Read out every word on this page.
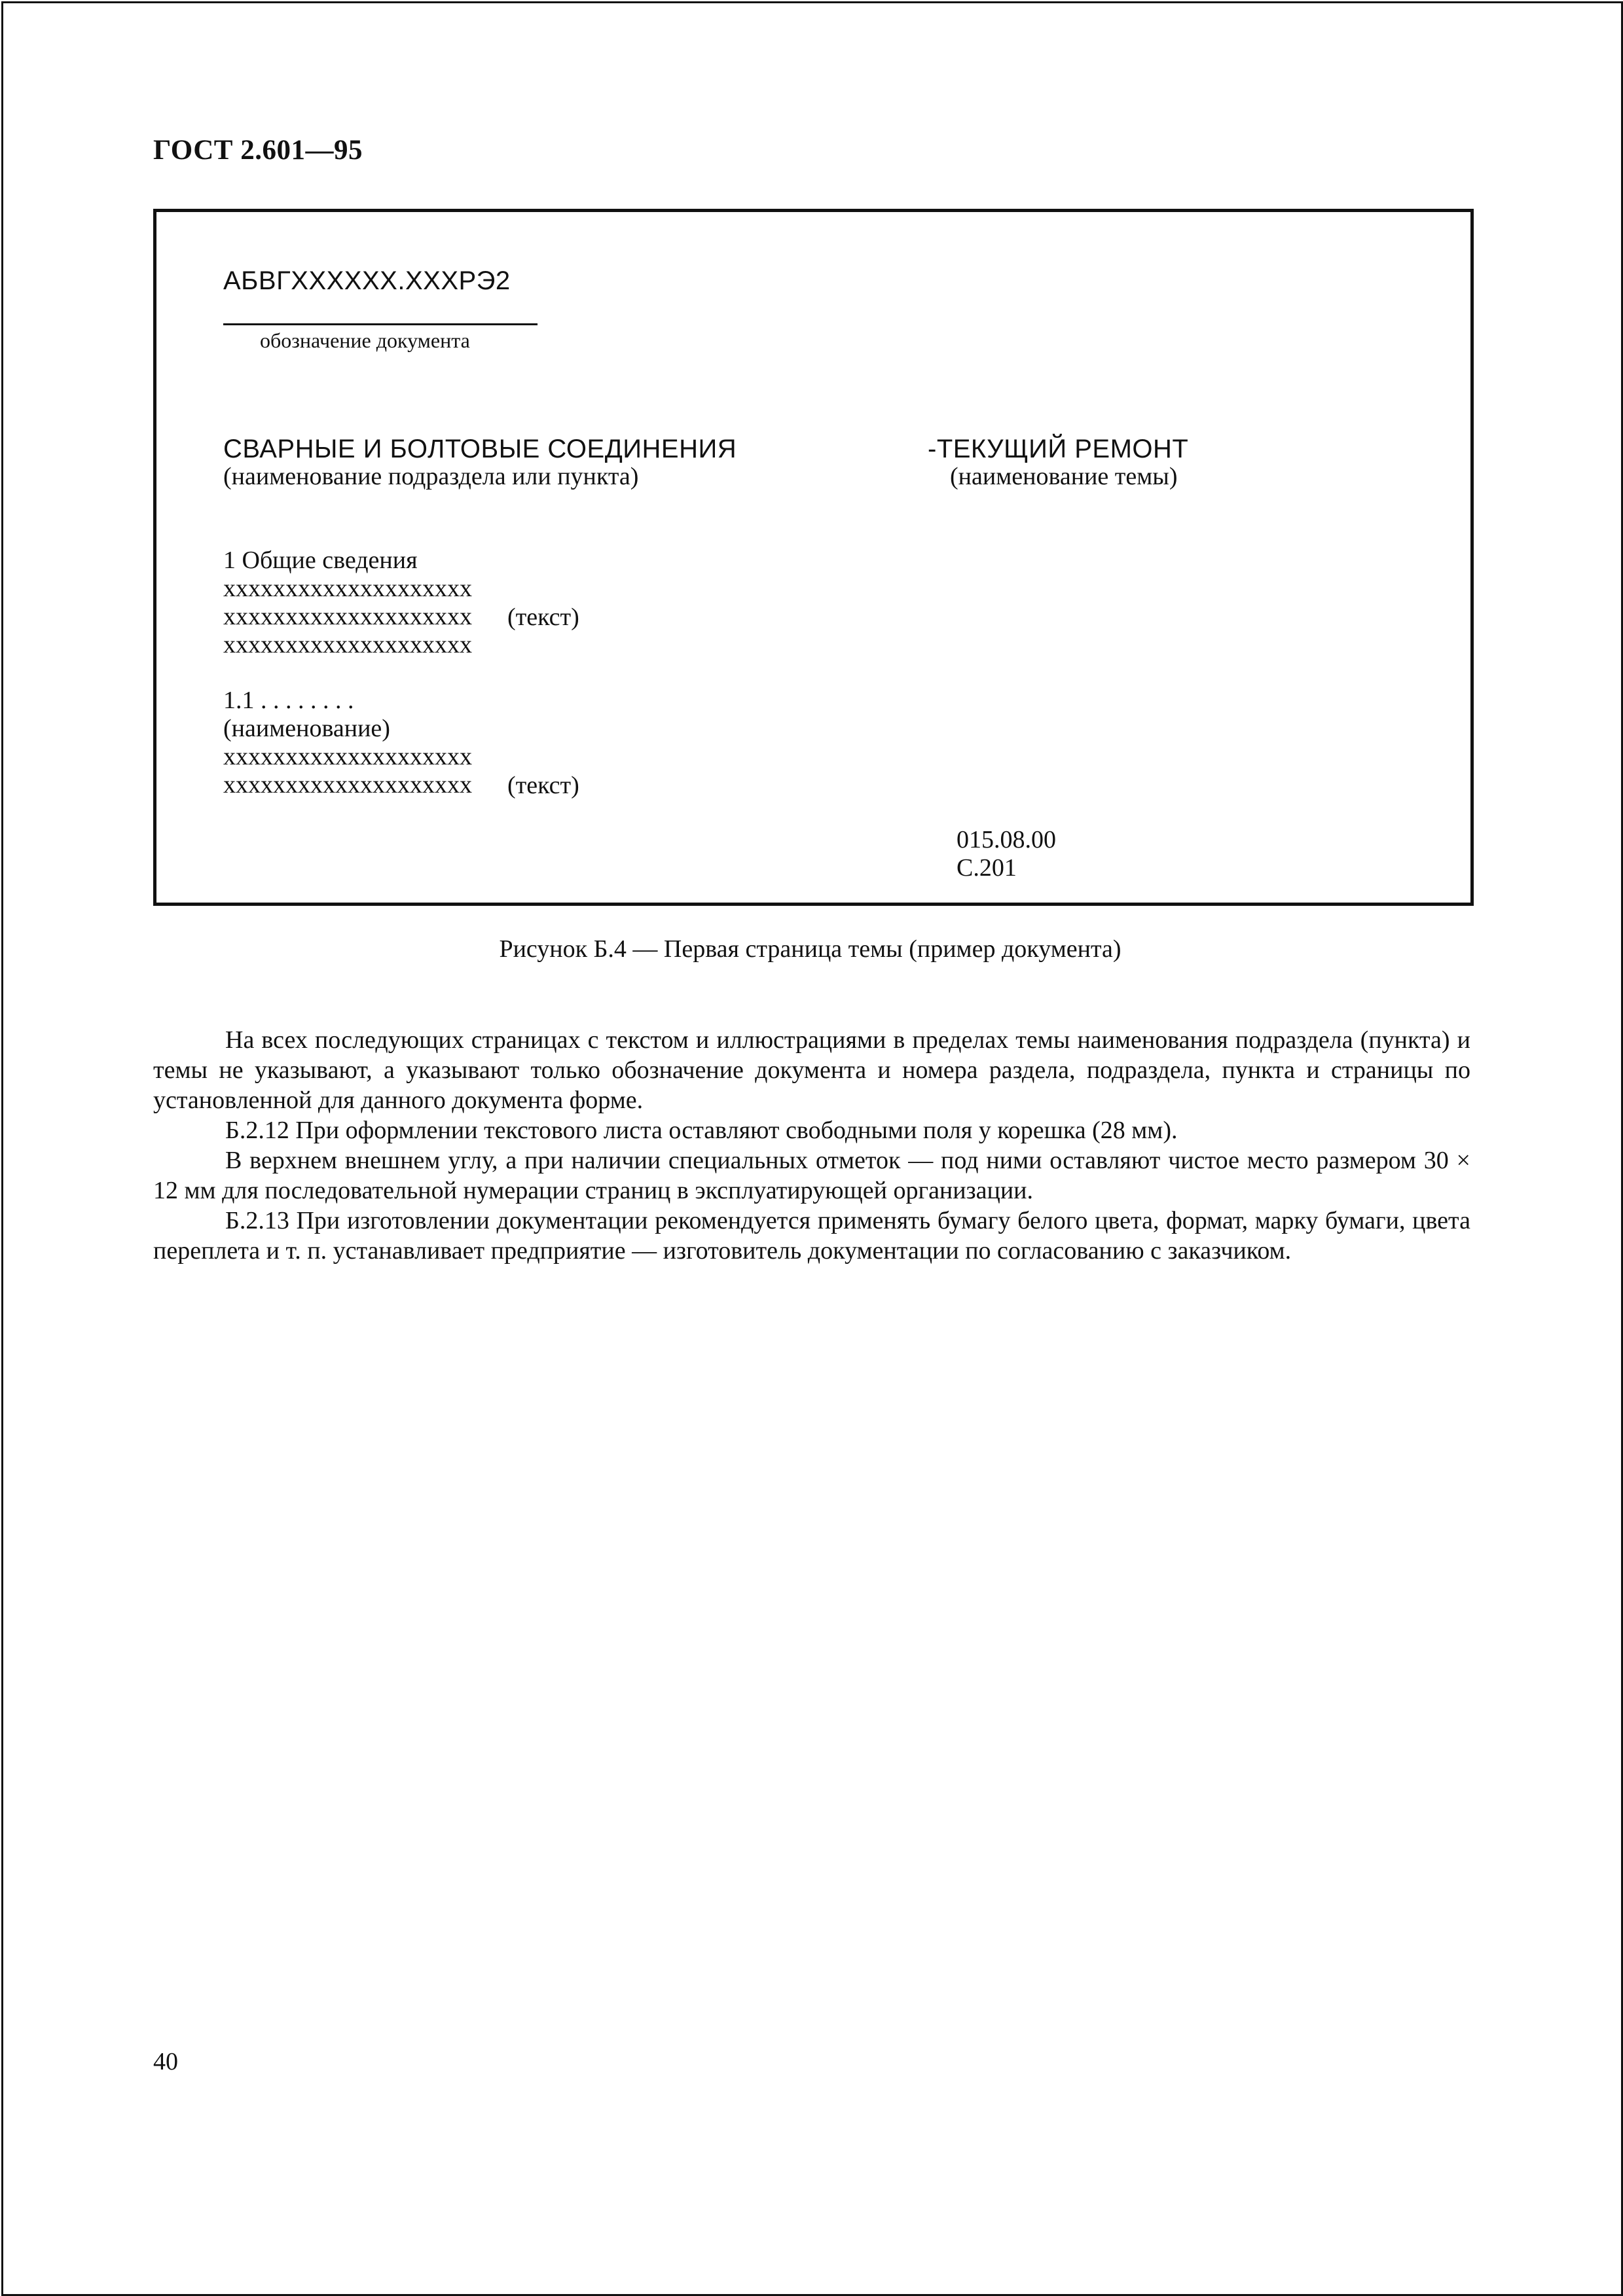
ГОСТ 2.601—95
АБВГXXXXXX.XXXРЭ2
обозначение документа
СВАРНЫЕ И БОЛТОВЫЕ СОЕДИНЕНИЯ
(наименование подраздела или пункта)
-ТЕКУЩИЙ РЕМОНТ
(наименование темы)
1 Общие сведения
xxxxxxxxxxxxxxxxxxxx
xxxxxxxxxxxxxxxxxxxx
xxxxxxxxxxxxxxxxxxxx
(текст)
1.1 . . . . . . . .
(наименование)
xxxxxxxxxxxxxxxxxxxx
xxxxxxxxxxxxxxxxxxxx (текст)
015.08.00
С.201
Рисунок Б.4 — Первая страница темы (пример документа)

На всех последующих страницах с текстом и иллюстрациями в пределах темы наименования подраздела (пункта) и темы не указывают, а указывают только обозначение документа и номера раздела, подраздела, пункта и страницы по установленной для данного документа форме.

Б.2.12 При оформлении текстового листа оставляют свободными поля у корешка (28 мм).

В верхнем внешнем углу, а при наличии специальных отметок — под ними оставляют чистое место размером 30 × 12 мм для последовательной нумерации страниц в эксплуатирующей организации.

Б.2.13 При изготовлении документации рекомендуется применять бумагу белого цвета, формат, марку бумаги, цвета переплета и т. п. устанавливает предприятие — изготовитель документации по согласованию с заказчиком.

40
